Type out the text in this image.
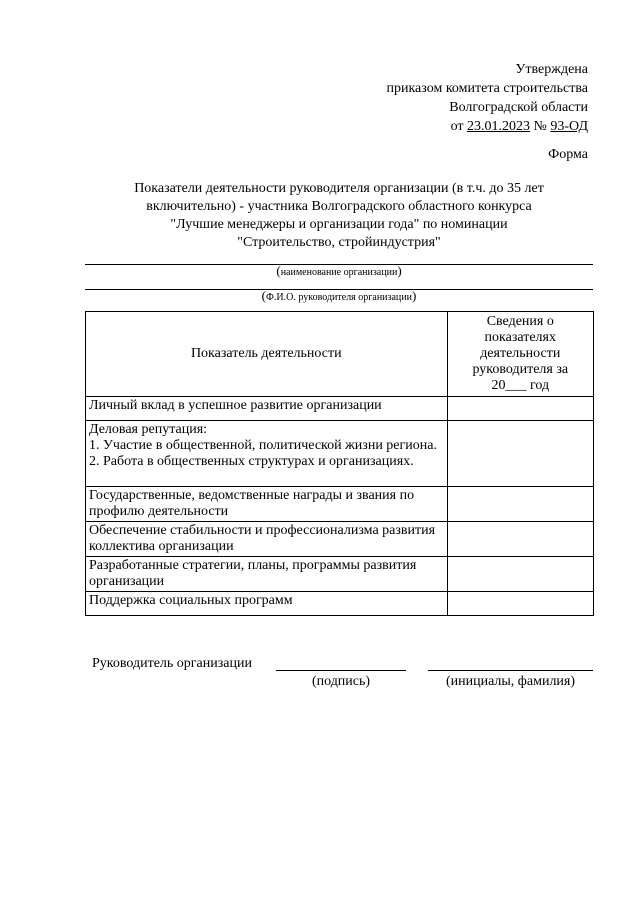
Утверждена
приказом комитета строительства
Волгоградской области
от 23.01.2023 № 93-ОД
Форма
Показатели деятельности руководителя организации (в т.ч. до 35 лет
включительно) - участника Волгоградского областного конкурса
"Лучшие менеджеры и организации года" по номинации
"Строительство, стройиндустрия"
(наименование организации)
(Ф.И.О. руководителя организации)
Показатель деятельности	Сведения о показателях деятельности руководителя за 20___ год

Личный вклад в успешное развитие организации	

Деловая репутация:
1. Участие в общественной, политической жизни региона.
2. Работа в общественных структурах и организациях.	

Государственные, ведомственные награды и звания по профилю деятельности	

Обеспечение стабильности и профессионализма развития коллектива организации	

Разработанные стратегии, планы, программы развития организации	

Поддержка социальных программ	

Руководитель организации
(подпись)	(инициалы, фамилия)
